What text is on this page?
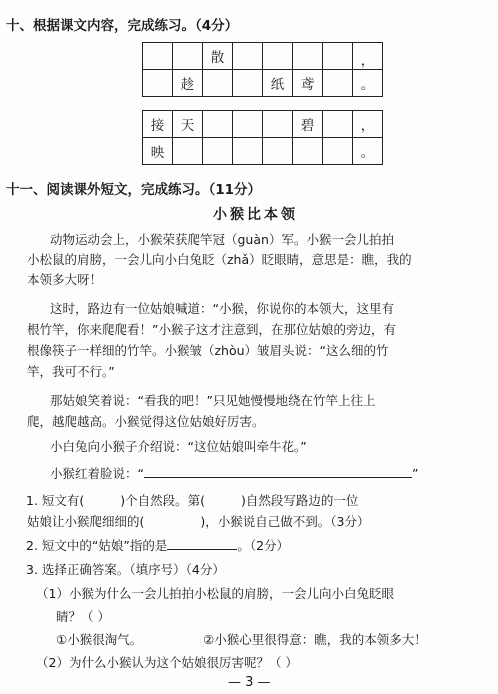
十、根据课文内容，完成练习。（4分）
		散					，
	趁			纸	鸢		。
接	天				碧		，
映							。
十一、阅读课外短文，完成练习。（11分）
小猴比本领
动物运动会上，小猴荣获爬竿冠（guàn）军。小猴一会儿拍拍
小松鼠的肩膀，一会儿向小白兔眨（zhǎ）眨眼睛，意思是：瞧，我的
本领多大呀！
这时，路边有一位姑娘喊道：“小猴，你说你的本领大，这里有
根竹竿，你来爬爬看！”小猴子这才注意到，在那位姑娘的旁边，有
根像筷子一样细的竹竿。小猴皱（zhòu）皱眉头说：“这么细的竹
竿，我可不行。”
那姑娘笑着说：“看我的吧！”只见她慢慢地绕在竹竿上往上
爬，越爬越高。小猴觉得这位姑娘好厉害。
小白兔向小猴子介绍说：“这位姑娘叫牵牛花。”
小猴红着脸说：“	”
1. 短文有(	)个自然段。第(	)自然段写路边的一位
姑娘让小猴爬细细的(	)，小猴说自己做不到。（3分）
2. 短文中的“姑娘”指的是	。（2分）
3. 选择正确答案。（填序号）（4分）
（1）小猴为什么一会儿拍拍小松鼠的肩膀，一会儿向小白兔眨眼
睛？（ ）
①小猴很淘气。	②小猴心里很得意：瞧，我的本领多大！
（2）为什么小猴认为这个姑娘很厉害呢？（ ）
— 3 —
